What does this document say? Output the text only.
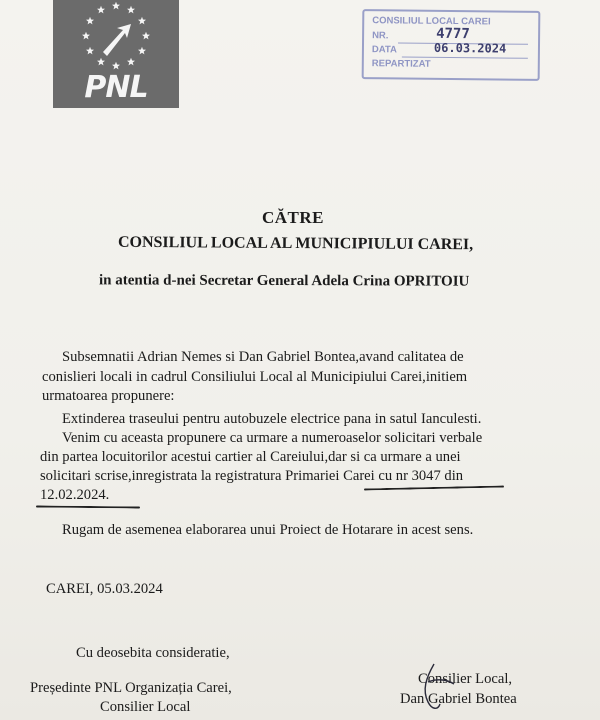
PNL
CONSILIUL LOCAL CAREI
NR.	4777
DATA	06.03.2024
REPARTIZAT
CĂTRE
CONSILIUL LOCAL AL MUNICIPIULUI CAREI,
in atentia d-nei Secretar General Adela Crina OPRITOIU
Subsemnatii Adrian Nemes si Dan Gabriel Bontea,avand calitatea de
conislieri locali in cadrul Consiliului Local al Municipiului Carei,initiem
urmatoarea propunere:
Extinderea traseului pentru autobuzele electrice pana in satul Ianculesti.
Venim cu aceasta propunere ca urmare a numeroaselor solicitari verbale
din partea locuitorilor acestui cartier al Careiului,dar si ca urmare a unei
solicitari scrise,inregistrata la registratura Primariei Carei cu nr 3047 din
12.02.2024.
Rugam de asemenea elaborarea unui Proiect de Hotarare in acest sens.
CAREI, 05.03.2024
Cu deosebita consideratie,
Președinte PNL Organizația Carei,
Consilier Local
Consilier Local,
Dan Gabriel Bontea
